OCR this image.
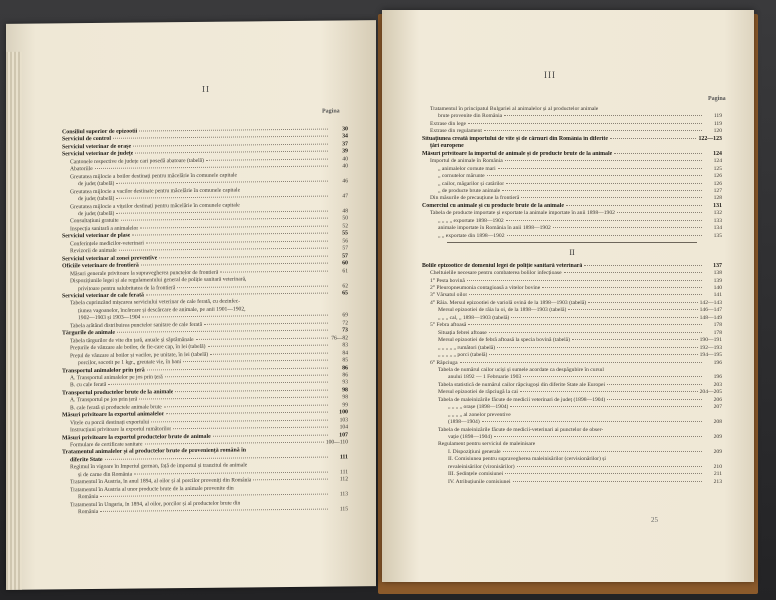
II
Pagina
Consiliul superior de epizootii	30
Serviciul de control	34
Serviciul veterinar de orașe	37
Serviciul veterinar de județe	39
Cantonele respective de județe cari posedă abatoare (tabelă)	40
Abatoriile	40
Greutatea mijlocie a boilor destinați pentru măcelărie în comunele capitale
de județ (tabelă)	46
Greutatea mijlocie a vacilor destinate pentru măcelărie în comunele capitale
de județ (tabelă)	47
Greutatea mijlocie a vițeilor destinați pentru măcelărie în comunele capitale
de județ (tabelă)	48
Consultațiuni gratuite	50
Inspecția sanitară a animalelor	52
Serviciul veterinar de plase	55
Conferințele medicilor-veterinari	56
Revizorii de animale	57
Serviciul veterinar al zonei preventive	57
Oficiile veterinare de frontieră	60
Măsuri generale privitoare la supravegherea punctelor de frontieră	61
Dispozițiunile legei și ale regulamentului general de poliție sanitară veterinară,
privitoare pentru salubritatea de la frontieră	62
Serviciul veterinar de cale ferată	65
Tabela cuprinzând mișcarea serviciului veterinar de cale ferată, cu dezinfec-
țiunea vagoanelor, încărcare și descărcare de animale, pe anii 1901—1902,
1902—1903 și 1903—1904	69
Tabela arătând distribuirea punctelor sanitare de cale ferată	72
Târgurile de animale	73
Tabela târgurilor de vite din țară, anuale și săptămânale	76—82
Prețurile de vânzare ale boilor, de fie-care cap, în lei (tabelă)	83
Prețul de vânzare al boilor și vacilor, pe unitate, în lei (tabelă)	84
porcilor, socotit pe 1 kgr., greutate vie, în bani	85
Transportul animalelor prin țeră	86
A. Transportul animalelor pe jos prin țeră	86
B. cu cale ferată	93
Transportul productelor brute de la animale	98
A. Transportul pe jos prin țeră	98
B. cale ferată și productele animale brute	99
Măsuri privitoare la exportul animalelor	100
Vitele cu porcii destinați exportului	103
Instrucțiuni privitoare la exportul rumătorilor	104
Măsuri privitoare la exportul productelor brute de animale	107
Formulare de certificate sanitare	100—110
Tratamentul animalelor și al productelor brute de proveniență română în
diferite State	111
Regimul în vigoare în Imperiul german, față de importul și tranzitul de animale
și de carne din România	111
Tratamentul în Austria, în anul 1894, al oilor și al porcilor proveniți din România	112
Tratamentul în Austria al unor producte brute de la animale provenite din
România	113
Tratamentul în Ungaria, în 1894, al oilor, porcilor și al productelor brute din
România	115
III
Pagina
Tratamentul în principatul Bulgariei al animalelor și al productelor animale
brute provenite din România	119
Extrase din lege	119
Extrase din regulament	120
Situațiunea creată importului de vite și de cărnuri din România în diferite	122—123
țări europene
Măsuri privitoare la importul de animale și de producte brute de la animale	124
Importul de animale în România	124
„ animalelor cornute mari	125
„ cornutelor mărunte	126
„ cailor, măgarilor și catârilor	126
„ de producte brute animale	127
Din măsurile de precauțiune la frontieră	128
Comerciul cu animale și cu producte brute de la animale	131
Tabela de producte importate și exportate la animale importate în anii 1898—1902	132
„ „ „ „ exportate 1898—1902	133
animale importate în România în anii 1898—1902	134
„ „ exportate din 1898—1902	135
II
Bolile epizootice de domeniul legei de poliție sanitară veterinară	137
Cheltuielile necesare pentru combaterea bolilor infecțioase	138
1° Pesta bovină	139
2° Pleuropneumonia contagioasă a vitelor bovine	140
3° Vărsatul oilor	141
4° Răia. Mersul epizootiei de variolă ovină de la 1898—1903 (tabelă)	142—143
Mersul epizootiei de răia la oi, de la 1898—1903 (tabelă)	146—147
„ „ „ cal, „ 1898—1903 (tabelă)	148—149
5° Febra aftoasă	178
Situația febrei aftoase	178
Mersul epizootiei de febră aftoasă la specia bovină (tabelă)	190—191
„ „ „ „ „ rumători (tabelă)	192—193
„ „ „ „ „ porci (tabelă)	194—195
6° Răpciuga	196
Tabela de numărul cailor uciși și sumele acordate ca despăgubire în cursul
anului 1892 — 1 Februarie 1903	196
Tabela statistică de numărul cailor răpciugoși din diferite State ale Europei	203
Mersul epizootiei de răpciugă la cai	204—205
Tabela de maleinizările făcute de medicii veterinari de județ (1898—1904)	206
„ „ „ „ orașe (1898—1904)	207
„ „ „ „ al zonelor preventive
(1898—1904)	208
Tabela de maleinizările făcute de medicii-veterinari ai punctelor de obser-
vație (1898—1904)	209
Regulament pentru serviciul de maleinisare
I. Dispozițiuni generale	209
II. Comisiunea pentru supravegherea maleinisărilor (cervisionărilor) și
revaleinisărilor (vironisărilor)	210
III. Ședințele comisiunei	211
IV. Atribuțiunile comisiunei	213
25
